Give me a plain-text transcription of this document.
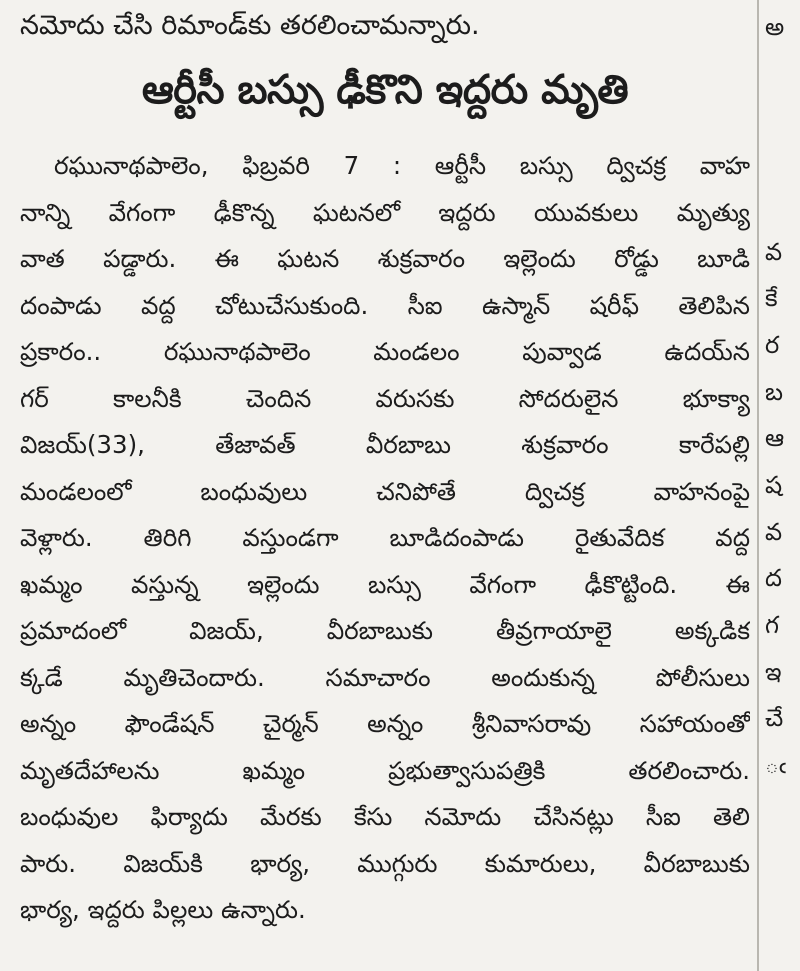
నమోదు చేసి రిమాండ్‌కు తరలించామన్నారు.
ఆర్టీసీ బస్సు ఢీకొని ఇద్దరు మృతి
రఘునాథపాలెం, ఫిబ్రవరి 7 : ఆర్టీసీ బస్సు ద్విచక్ర వాహ
నాన్ని వేగంగా ఢీకొన్న ఘటనలో ఇద్దరు యువకులు మృత్యు
వాత పడ్డారు. ఈ ఘటన శుక్రవారం ఇల్లెందు రోడ్డు బూడి
దంపాడు వద్ద చోటుచేసుకుంది. సీఐ ఉస్మాన్ షరీఫ్ తెలిపిన
ప్రకారం.. రఘునాథపాలెం మండలం పువ్వాడ ఉదయ్‌న
గర్ కాలనీకి చెందిన వరుసకు సోదరులైన భూక్యా
విజయ్(33), తేజావత్ వీరబాబు శుక్రవారం కారేపల్లి
మండలంలో బంధువులు చనిపోతే ద్విచక్ర వాహనంపై
వెళ్లారు. తిరిగి వస్తుండగా బూడిదంపాడు రైతువేదిక వద్ద
ఖమ్మం వస్తున్న ఇల్లెందు బస్సు వేగంగా ఢీకొట్టింది. ఈ
ప్రమాదంలో విజయ్, వీరబాబుకు తీవ్రగాయాలై అక్కడిక
క్కడే మృతిచెందారు. సమాచారం అందుకున్న పోలీసులు
అన్నం ఫౌండేషన్ చైర్మన్ అన్నం శ్రీనివాసరావు సహాయంతో
మృతదేహాలను ఖమ్మం ప్రభుత్వాసుపత్రికి తరలించారు.
బంధువుల ఫిర్యాదు మేరకు కేసు నమోదు చేసినట్లు సీఐ తెలి
పారు. విజయ్‌కి భార్య, ముగ్గురు కుమారులు, వీరబాబుకు
భార్య, ఇద్దరు పిల్లలు ఉన్నారు.
అ
వ
కే
ర
బ
ఆ
ష
వ
ద
గ
ఇ
చే
ఁ
